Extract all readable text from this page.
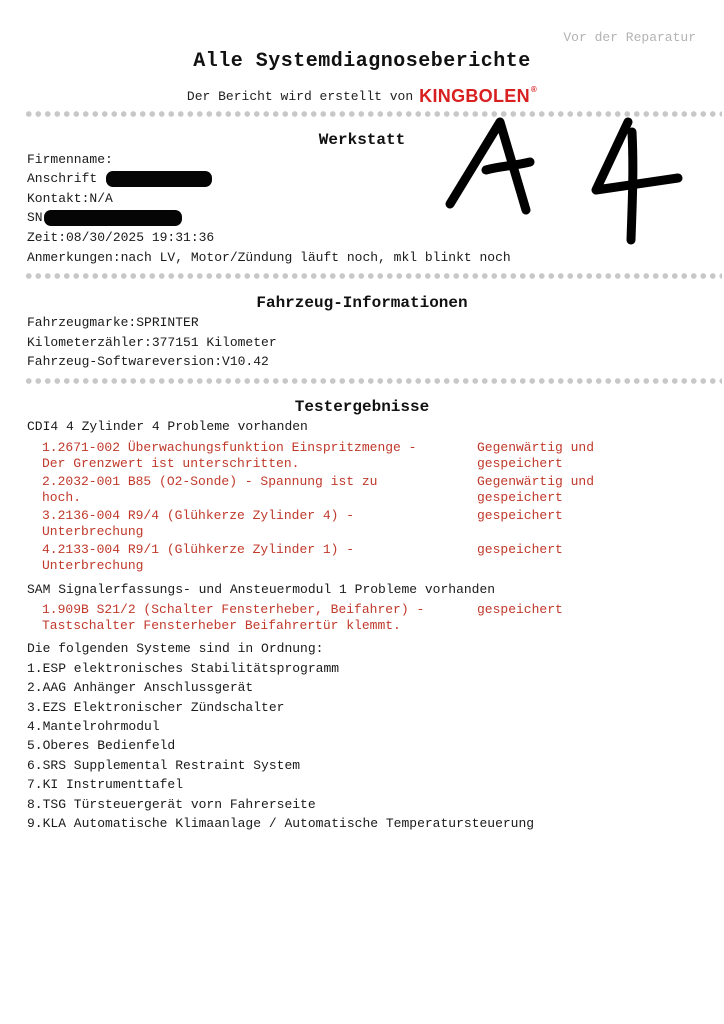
Vor der Reparatur
Alle Systemdiagnoseberichte
Der Bericht wird erstellt von KINGBOLEN®
Werkstatt
Firmenname:
Anschrift
Kontakt:N/A
SN
Zeit:08/30/2025 19:31:36
Anmerkungen:nach LV, Motor/Zündung läuft noch, mkl blinkt noch
Fahrzeug-Informationen
Fahrzeugmarke:SPRINTER
Kilometerzähler:377151 Kilometer
Fahrzeug-Softwareversion:V10.42
Testergebnisse
CDI4 4 Zylinder 4 Probleme vorhanden
1.2671-002 Überwachungsfunktion Einspritzmenge -
Der Grenzwert ist unterschritten.
Gegenwärtig und
gespeichert
2.2032-001 B85 (O2-Sonde) - Spannung ist zu
hoch.
Gegenwärtig und
gespeichert
3.2136-004 R9/4 (Glühkerze Zylinder 4) -
Unterbrechung
gespeichert
4.2133-004 R9/1 (Glühkerze Zylinder 1) -
Unterbrechung
gespeichert
SAM Signalerfassungs- und Ansteuermodul 1 Probleme vorhanden
1.909B S21/2 (Schalter Fensterheber, Beifahrer) -
Tastschalter Fensterheber Beifahrertür klemmt.
gespeichert
Die folgenden Systeme sind in Ordnung:
1.ESP elektronisches Stabilitätsprogramm
2.AAG Anhänger Anschlussgerät
3.EZS Elektronischer Zündschalter
4.Mantelrohrmodul
5.Oberes Bedienfeld
6.SRS Supplemental Restraint System
7.KI Instrumenttafel
8.TSG Türsteuergerät vorn Fahrerseite
9.KLA Automatische Klimaanlage / Automatische Temperatursteuerung
